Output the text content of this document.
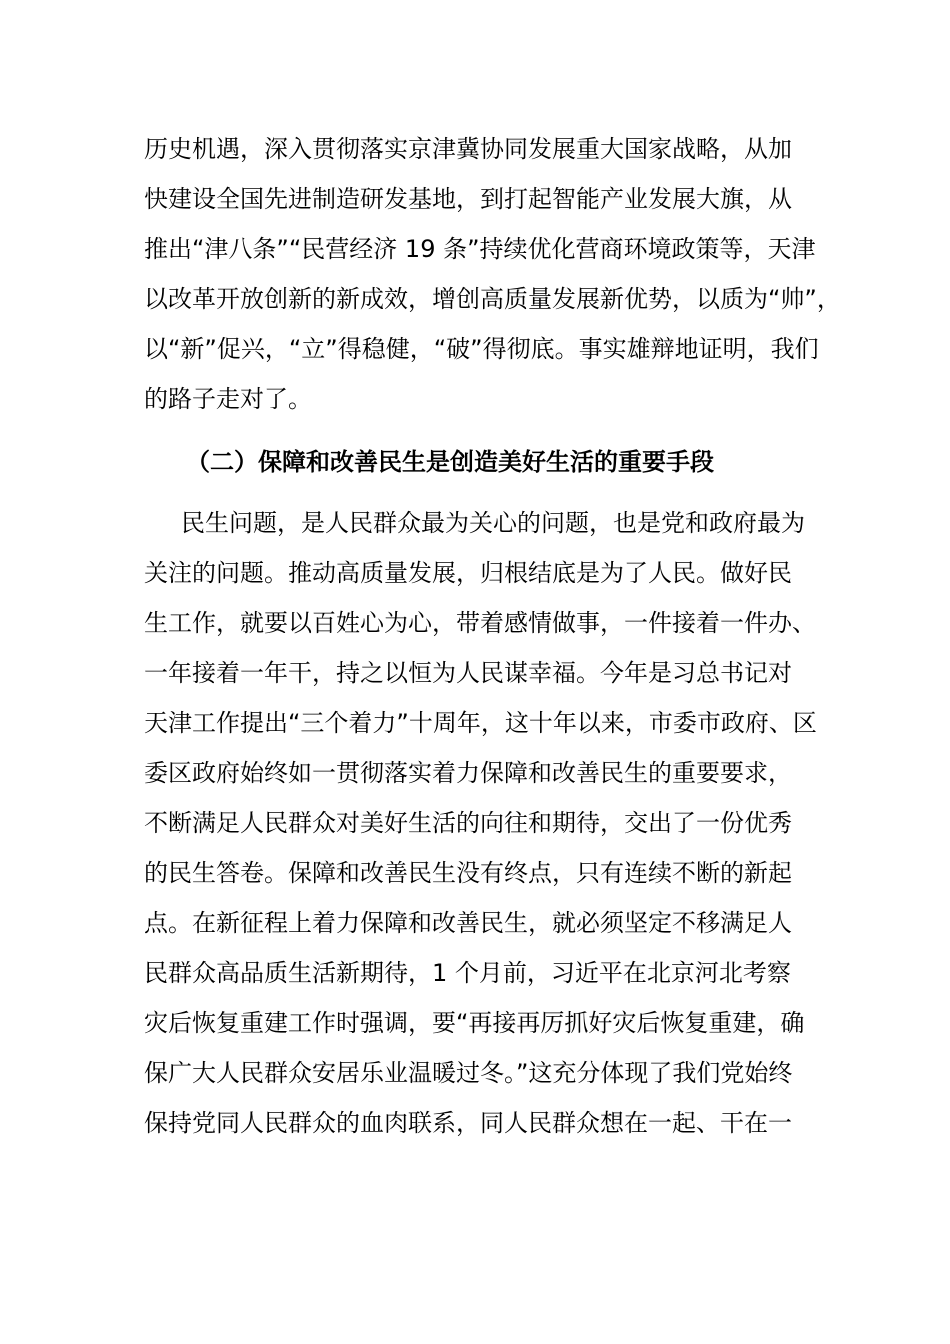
历史机遇，深入贯彻落实京津冀协同发展重大国家战略，从加
快建设全国先进制造研发基地，到打起智能产业发展大旗，从
推出“津八条”“民营经济 19 条”持续优化营商环境政策等，天津
以改革开放创新的新成效，增创高质量发展新优势，以质为“帅”，
以“新”促兴，“立”得稳健，“破”得彻底。事实雄辩地证明，我们
的路子走对了。
（二）保障和改善民生是创造美好生活的重要手段
民生问题，是人民群众最为关心的问题，也是党和政府最为
关注的问题。推动高质量发展，归根结底是为了人民。做好民
生工作，就要以百姓心为心，带着感情做事，一件接着一件办、
一年接着一年干，持之以恒为人民谋幸福。今年是习总书记对
天津工作提出“三个着力”十周年，这十年以来，市委市政府、区
委区政府始终如一贯彻落实着力保障和改善民生的重要要求，
不断满足人民群众对美好生活的向往和期待，交出了一份优秀
的民生答卷。保障和改善民生没有终点，只有连续不断的新起
点。在新征程上着力保障和改善民生，就必须坚定不移满足人
民群众高品质生活新期待，1 个月前，习近平在北京河北考察
灾后恢复重建工作时强调，要“再接再厉抓好灾后恢复重建，确
保广大人民群众安居乐业温暖过冬。”这充分体现了我们党始终
保持党同人民群众的血肉联系，同人民群众想在一起、干在一
